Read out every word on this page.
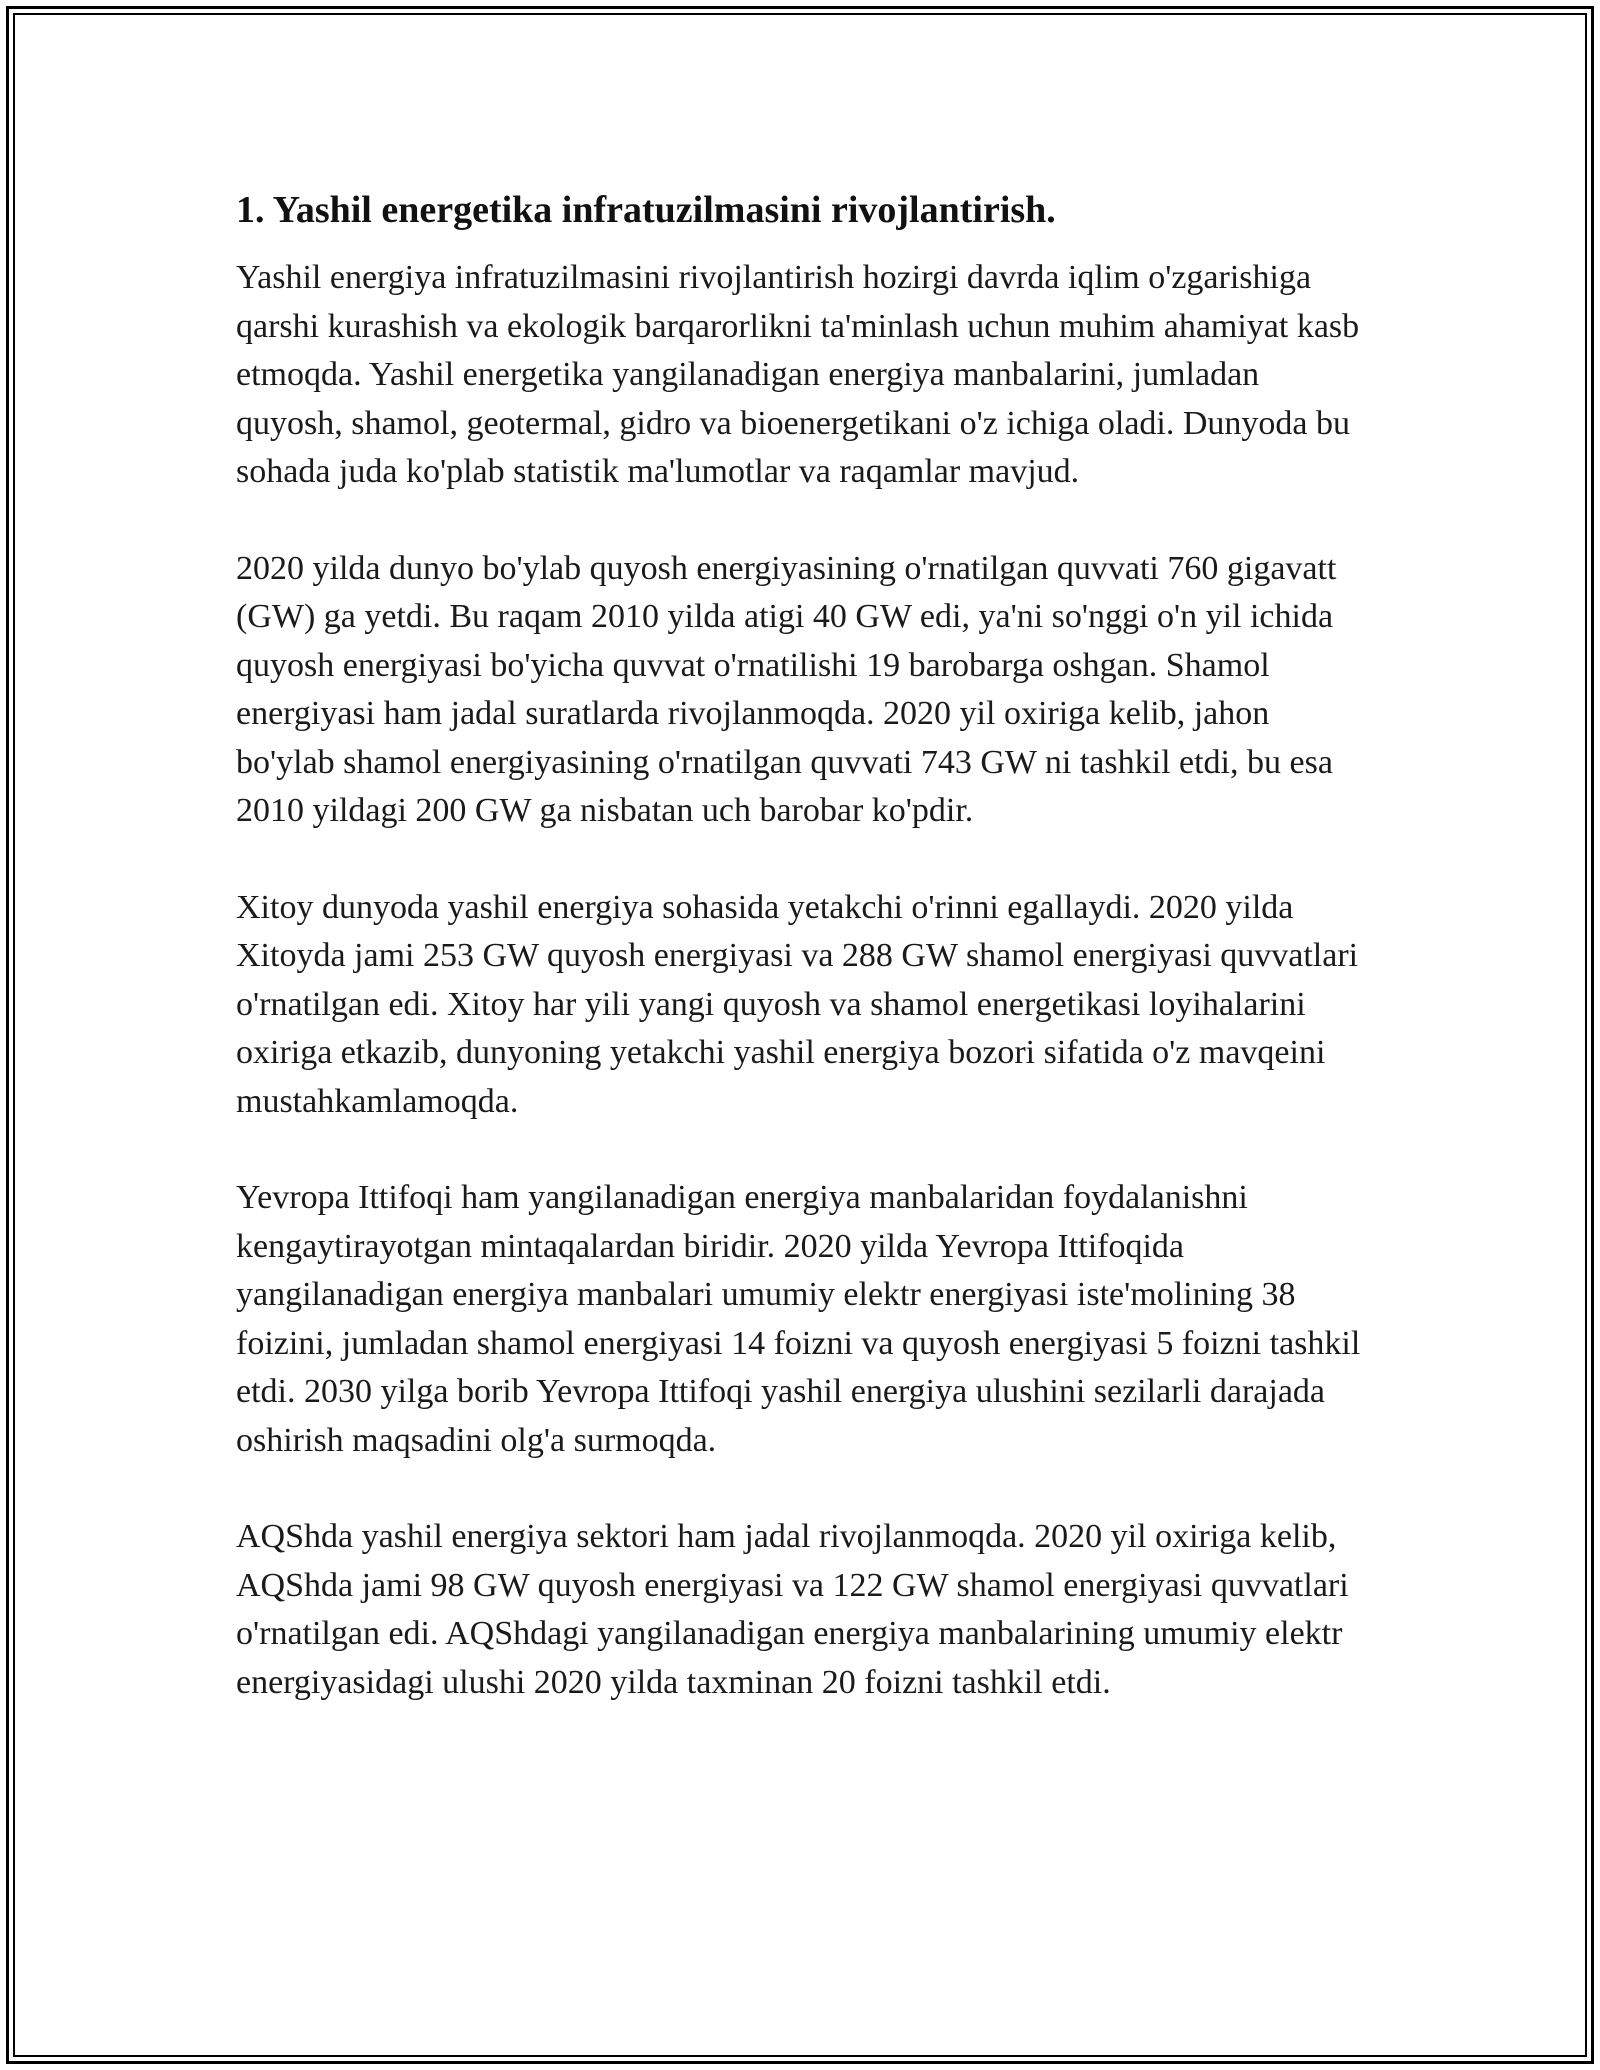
1. Yashil energetika infratuzilmasini rivojlantirish.

Yashil energiya infratuzilmasini rivojlantirish hozirgi davrda iqlim o'zgarishiga qarshi kurashish va ekologik barqarorlikni ta'minlash uchun muhim ahamiyat kasb etmoqda. Yashil energetika yangilanadigan energiya manbalarini, jumladan quyosh, shamol, geotermal, gidro va bioenergetikani o'z ichiga oladi. Dunyoda bu sohada juda ko'plab statistik ma'lumotlar va raqamlar mavjud.

2020 yilda dunyo bo'ylab quyosh energiyasining o'rnatilgan quvvati 760 gigavatt (GW) ga yetdi. Bu raqam 2010 yilda atigi 40 GW edi, ya'ni so'nggi o'n yil ichida quyosh energiyasi bo'yicha quvvat o'rnatilishi 19 barobarga oshgan. Shamol energiyasi ham jadal suratlarda rivojlanmoqda. 2020 yil oxiriga kelib, jahon bo'ylab shamol energiyasining o'rnatilgan quvvati 743 GW ni tashkil etdi, bu esa 2010 yildagi 200 GW ga nisbatan uch barobar ko'pdir.

Xitoy dunyoda yashil energiya sohasida yetakchi o'rinni egallaydi. 2020 yilda Xitoyda jami 253 GW quyosh energiyasi va 288 GW shamol energiyasi quvvatlari o'rnatilgan edi. Xitoy har yili yangi quyosh va shamol energetikasi loyihalarini oxiriga etkazib, dunyoning yetakchi yashil energiya bozori sifatida o'z mavqeini mustahkamlamoqda.

Yevropa Ittifoqi ham yangilanadigan energiya manbalaridan foydalanishni kengaytirayotgan mintaqalardan biridir. 2020 yilda Yevropa Ittifoqida yangilanadigan energiya manbalari umumiy elektr energiyasi iste'molining 38 foizini, jumladan shamol energiyasi 14 foizni va quyosh energiyasi 5 foizni tashkil etdi. 2030 yilga borib Yevropa Ittifoqi yashil energiya ulushini sezilarli darajada oshirish maqsadini olg'a surmoqda.

AQShda yashil energiya sektori ham jadal rivojlanmoqda. 2020 yil oxiriga kelib, AQShda jami 98 GW quyosh energiyasi va 122 GW shamol energiyasi quvvatlari o'rnatilgan edi. AQShdagi yangilanadigan energiya manbalarining umumiy elektr energiyasidagi ulushi 2020 yilda taxminan 20 foizni tashkil etdi.
